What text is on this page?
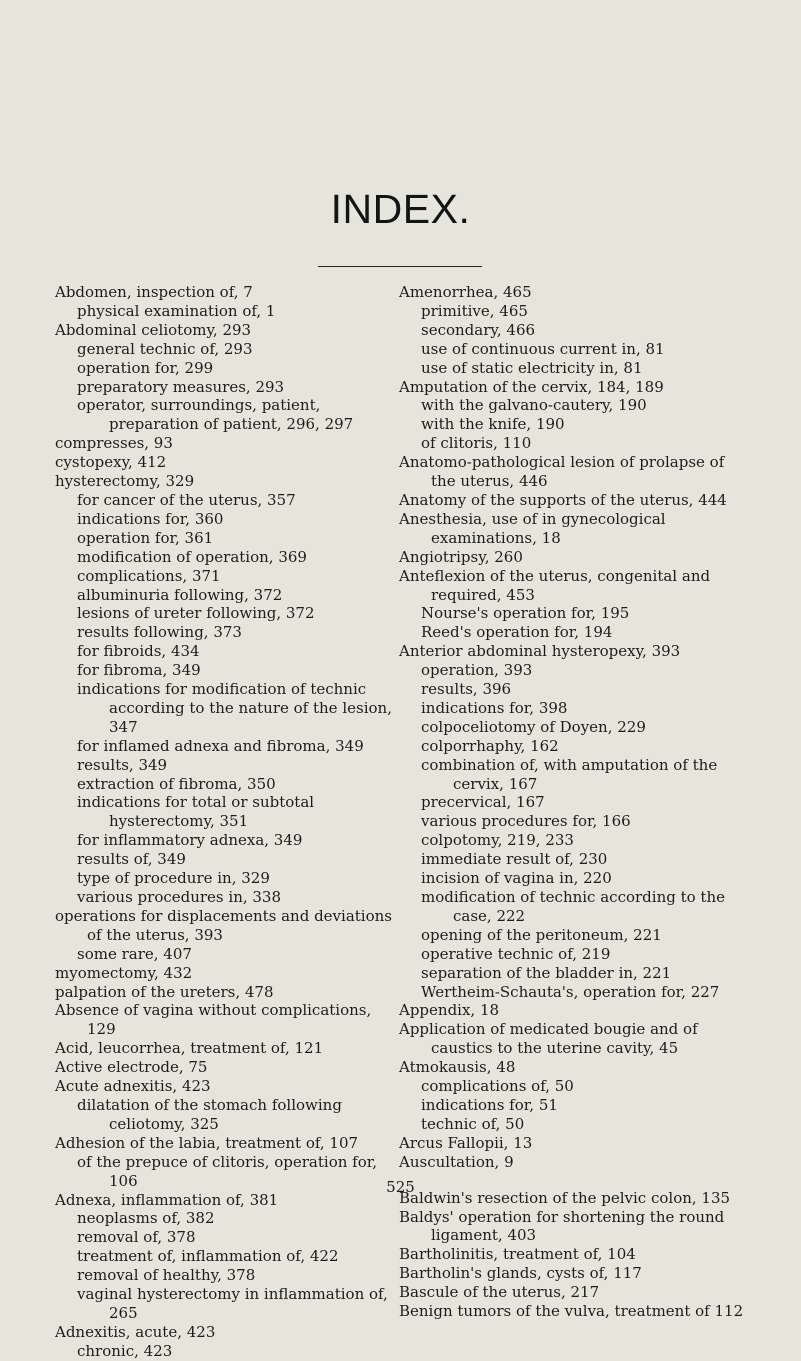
INDEX.
Abdomen, inspection of, 7
physical examination of, 1
Abdominal celiotomy, 293
general technic of, 293
operation for, 299
preparatory measures, 293
operator, surroundings, patient, preparation of patient, 296, 297
compresses, 93
cystopexy, 412
hysterectomy, 329
for cancer of the uterus, 357
indications for, 360
operation for, 361
modification of operation, 369
complications, 371
albuminuria following, 372
lesions of ureter following, 372
results following, 373
for fibroids, 434
for fibroma, 349
indications for modification of technic according to the nature of the lesion, 347
for inflamed adnexa and fibroma, 349
results, 349
extraction of fibroma, 350
indications for total or subtotal hysterectomy, 351
for inflammatory adnexa, 349
results of, 349
type of procedure in, 329
various procedures in, 338
operations for displacements and deviations of the uterus, 393
some rare, 407
myomectomy, 432
palpation of the ureters, 478
Absence of vagina without complications, 129
Acid, leucorrhea, treatment of, 121
Active electrode, 75
Acute adnexitis, 423
dilatation of the stomach following celiotomy, 325
Adhesion of the labia, treatment of, 107
of the prepuce of clitoris, operation for, 106
Adnexa, inflammation of, 381
neoplasms of, 382
removal of, 378
treatment of, inflammation of, 422
removal of healthy, 378
vaginal hysterectomy in inflammation of, 265
Adnexitis, acute, 423
chronic, 423
Amenorrhea, 465
primitive, 465
secondary, 466
use of continuous current in, 81
use of static electricity in, 81
Amputation of the cervix, 184, 189
with the galvano-cautery, 190
with the knife, 190
of clitoris, 110
Anatomo-pathological lesion of prolapse of the uterus, 446
Anatomy of the supports of the uterus, 444
Anesthesia, use of in gynecological examinations, 18
Angiotripsy, 260
Anteflexion of the uterus, congenital and required, 453
Nourse's operation for, 195
Reed's operation for, 194
Anterior abdominal hysteropexy, 393
operation, 393
results, 396
indications for, 398
colpoceliotomy of Doyen, 229
colporrhaphy, 162
combination of, with amputation of the cervix, 167
precervical, 167
various procedures for, 166
colpotomy, 219, 233
immediate result of, 230
incision of vagina in, 220
modification of technic according to the case, 222
opening of the peritoneum, 221
operative technic of, 219
separation of the bladder in, 221
Wertheim-Schauta's, operation for, 227
Appendix, 18
Application of medicated bougie and of caustics to the uterine cavity, 45
Atmokausis, 48
complications of, 50
indications for, 51
technic of, 50
Arcus Fallopii, 13
Auscultation, 9
Baldwin's resection of the pelvic colon, 135
Baldys' operation for shortening the round ligament, 403
Bartholinitis, treatment of, 104
Bartholin's glands, cysts of, 117
Bascule of the uterus, 217
Benign tumors of the vulva, treatment of 112
525
